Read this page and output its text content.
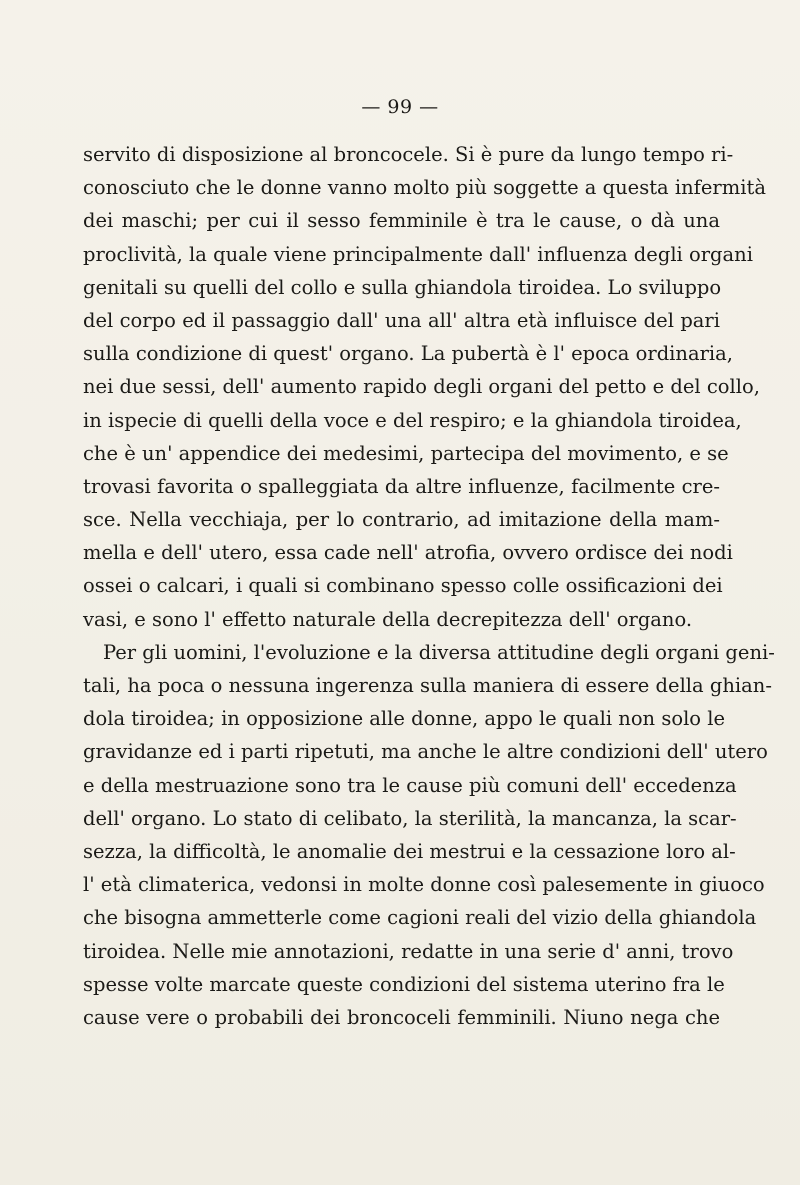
— 99 —
servito di disposizione al broncocele. Si è pure da lungo tempo ri-
conosciuto che le donne vanno molto più soggette a questa infermità
dei maschi; per cui il sesso femminile è tra le cause, o dà una
proclività, la quale viene principalmente dall' influenza degli organi
genitali su quelli del collo e sulla ghiandola tiroidea. Lo sviluppo
del corpo ed il passaggio dall' una all' altra età influisce del pari
sulla condizione di quest' organo. La pubertà è l' epoca ordinaria,
nei due sessi, dell' aumento rapido degli organi del petto e del collo,
in ispecie di quelli della voce e del respiro; e la ghiandola tiroidea,
che è un' appendice dei medesimi, partecipa del movimento, e se
trovasi favorita o spalleggiata da altre influenze, facilmente cre-
sce. Nella vecchiaja, per lo contrario, ad imitazione della mam-
mella e dell' utero, essa cade nell' atrofia, ovvero ordisce dei nodi
ossei o calcari, i quali si combinano spesso colle ossificazioni dei
vasi, e sono l' effetto naturale della decrepitezza dell' organo.
Per gli uomini, l'evoluzione e la diversa attitudine degli organi geni-
tali, ha poca o nessuna ingerenza sulla maniera di essere della ghian-
dola tiroidea; in opposizione alle donne, appo le quali non solo le
gravidanze ed i parti ripetuti, ma anche le altre condizioni dell' utero
e della mestruazione sono tra le cause più comuni dell' eccedenza
dell' organo. Lo stato di celibato, la sterilità, la mancanza, la scar-
sezza, la difficoltà, le anomalie dei mestrui e la cessazione loro al-
l' età climaterica, vedonsi in molte donne così palesemente in giuoco
che bisogna ammetterle come cagioni reali del vizio della ghiandola
tiroidea. Nelle mie annotazioni, redatte in una serie d' anni, trovo
spesse volte marcate queste condizioni del sistema uterino fra le
cause vere o probabili dei broncoceli femminili. Niuno nega che
